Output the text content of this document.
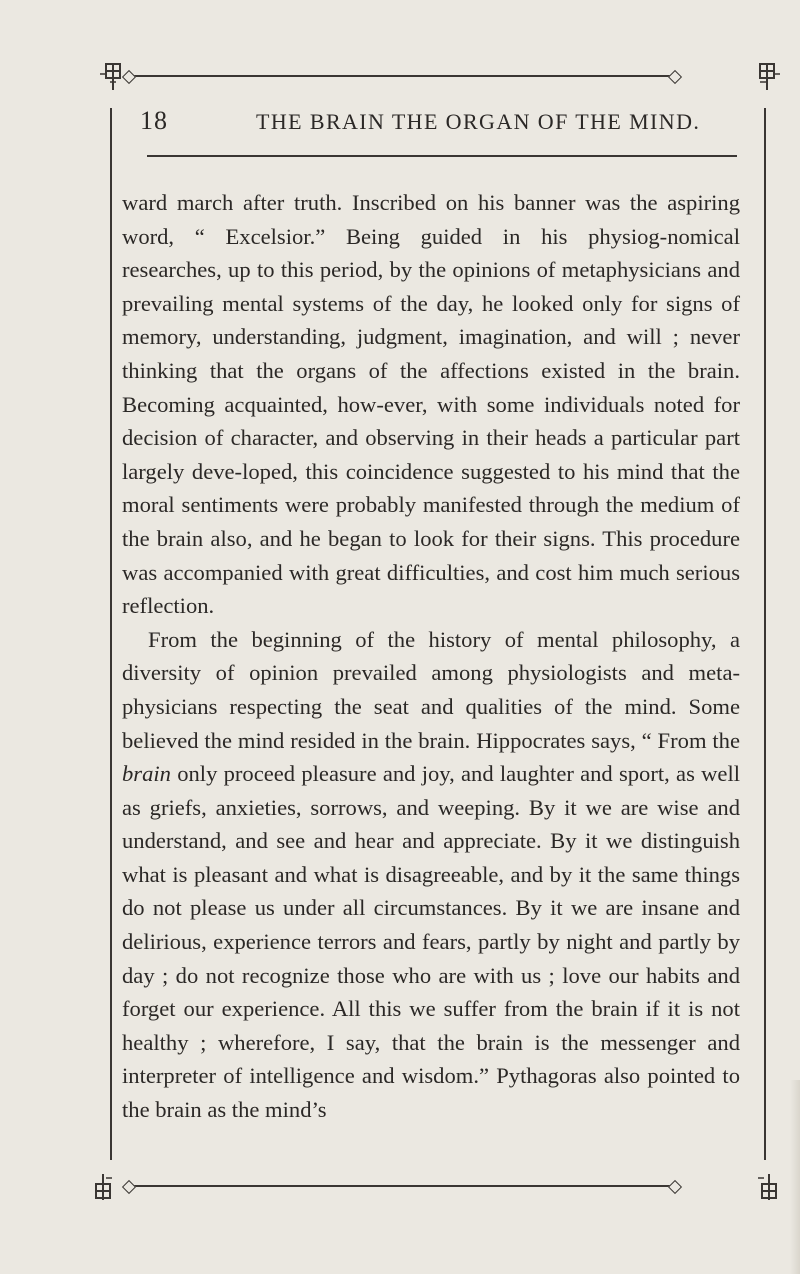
18	THE BRAIN THE ORGAN OF THE MIND.

ward march after truth. Inscribed on his banner was the aspiring word, “ Excelsior.” Being guided in his physiog-nomical researches, up to this period, by the opinions of metaphysicians and prevailing mental systems of the day, he looked only for signs of memory, understanding, judgment, imagination, and will ; never thinking that the organs of the affections existed in the brain. Becoming acquainted, how-ever, with some individuals noted for decision of character, and observing in their heads a particular part largely deve-loped, this coincidence suggested to his mind that the moral sentiments were probably manifested through the medium of the brain also, and he began to look for their signs. This procedure was accompanied with great difficulties, and cost him much serious reflection.

From the beginning of the history of mental philosophy, a diversity of opinion prevailed among physiologists and meta-physicians respecting the seat and qualities of the mind. Some believed the mind resided in the brain. Hippocrates says, “ From the brain only proceed pleasure and joy, and laughter and sport, as well as griefs, anxieties, sorrows, and weeping. By it we are wise and understand, and see and hear and appreciate. By it we distinguish what is pleasant and what is disagreeable, and by it the same things do not please us under all circumstances. By it we are insane and delirious, experience terrors and fears, partly by night and partly by day ; do not recognize those who are with us ; love our habits and forget our experience. All this we suffer from the brain if it is not healthy ; wherefore, I say, that the brain is the messenger and interpreter of intelligence and wisdom.” Pythagoras also pointed to the brain as the mind’s
